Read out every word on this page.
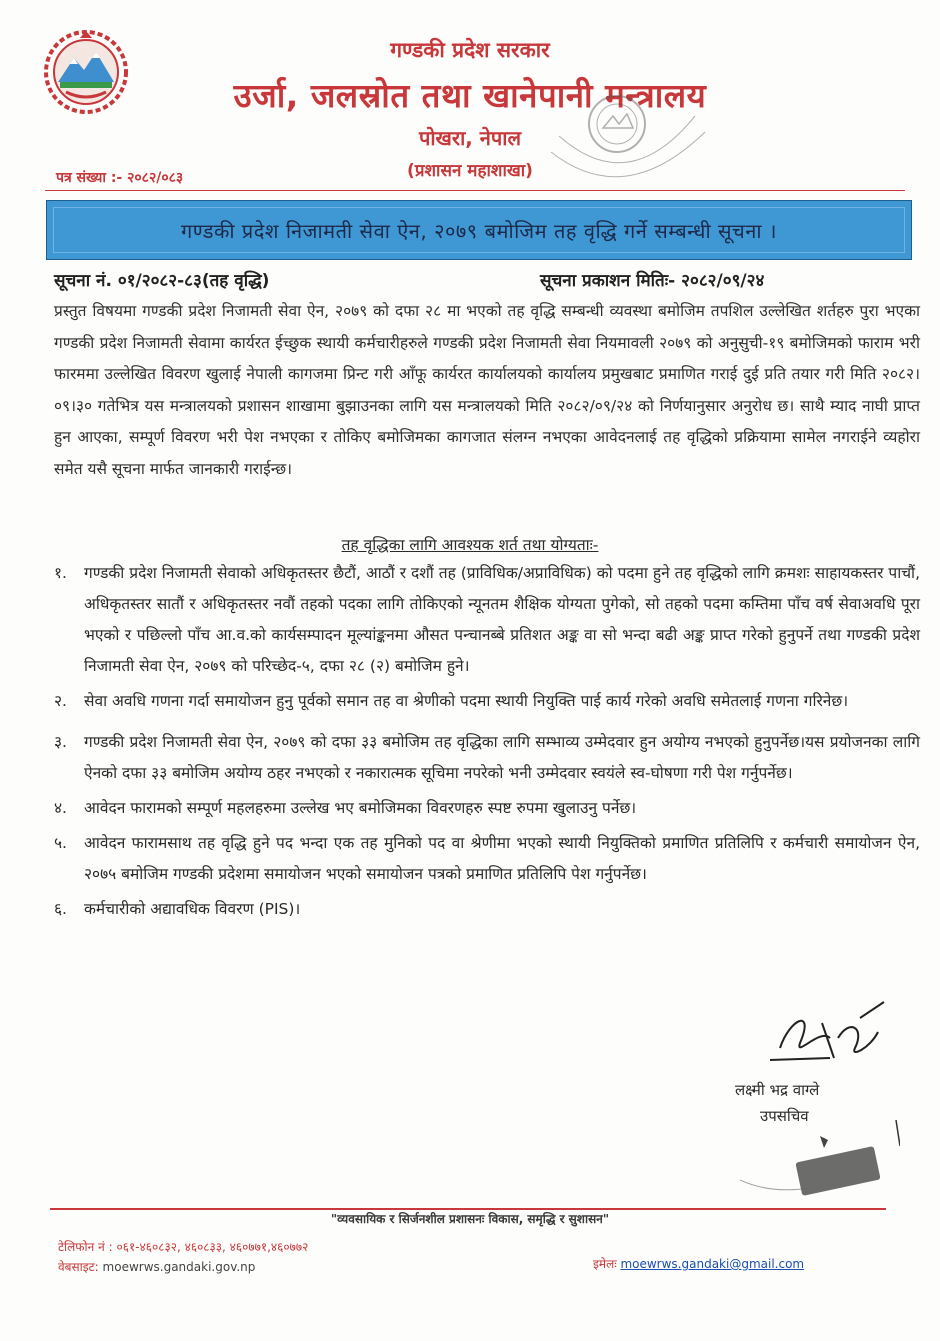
गण्डकी प्रदेश सरकार
उर्जा, जलस्रोत तथा खानेपानी मन्त्रालय
पोखरा, नेपाल
(प्रशासन महाशाखा)
पत्र संख्या :- २०८२/०८३
गण्डकी प्रदेश निजामती सेवा ऐन, २०७९ बमोजिम तह वृद्धि गर्ने सम्बन्धी सूचना ।
सूचना नं. ०१/२०८२-८३(तह वृद्धि)	सूचना प्रकाशन मितिः- २०८२/०९/२४
प्रस्तुत विषयमा गण्डकी प्रदेश निजामती सेवा ऐन, २०७९ को दफा २८ मा भएको तह वृद्धि सम्बन्धी व्यवस्था बमोजिम तपशिल उल्लेखित शर्तहरु पुरा भएका गण्डकी प्रदेश निजामती सेवामा कार्यरत ईच्छुक स्थायी कर्मचारीहरुले गण्डकी प्रदेश निजामती सेवा नियमावली २०७९ को अनुसुची-१९ बमोजिमको फाराम भरी फारममा उल्लेखित विवरण खुलाई नेपाली कागजमा प्रिन्ट गरी आँफू कार्यरत कार्यालयको कार्यालय प्रमुखबाट प्रमाणित गराई दुई प्रति तयार गरी मिति २०८२।०९।३० गतेभित्र यस मन्त्रालयको प्रशासन शाखामा बुझाउनका लागि यस मन्त्रालयको मिति २०८२/०९/२४ को निर्णयानुसार अनुरोध छ। साथै म्याद नाघी प्राप्त हुन आएका, सम्पूर्ण विवरण भरी पेश नभएका र तोकिए बमोजिमका कागजात संलग्न नभएका आवेदनलाई तह वृद्धिको प्रक्रियामा सामेल नगराईने व्यहोरा समेत यसै सूचना मार्फत जानकारी गराईन्छ।
तह वृद्धिका लागि आवश्यक शर्त तथा योग्यताः-
१. गण्डकी प्रदेश निजामती सेवाको अधिकृतस्तर छैटौं, आठौं र दशौं तह (प्राविधिक/अप्राविधिक) को पदमा हुने तह वृद्धिको लागि क्रमशः साहायकस्तर पाचौं, अधिकृतस्तर सातौं र अधिकृतस्तर नवौं तहको पदका लागि तोकिएको न्यूनतम शैक्षिक योग्यता पुगेको, सो तहको पदमा कम्तिमा पाँच वर्ष सेवाअवधि पूरा भएको र पछिल्लो पाँच आ.व.को कार्यसम्पादन मूल्यांङ्कनमा औसत पन्चानब्बे प्रतिशत अङ्क वा सो भन्दा बढी अङ्क प्राप्त गरेको हुनुपर्ने तथा गण्डकी प्रदेश निजामती सेवा ऐन, २०७९ को परिच्छेद-५, दफा २८ (२) बमोजिम हुने।
२. सेवा अवधि गणना गर्दा समायोजन हुनु पूर्वको समान तह वा श्रेणीको पदमा स्थायी नियुक्ति पाई कार्य गरेको अवधि समेतलाई गणना गरिनेछ।
३. गण्डकी प्रदेश निजामती सेवा ऐन, २०७९ को दफा ३३ बमोजिम तह वृद्धिका लागि सम्भाव्य उम्मेदवार हुन अयोग्य नभएको हुनुपर्नेछ।यस प्रयोजनका लागि ऐनको दफा ३३ बमोजिम अयोग्य ठहर नभएको र नकारात्मक सूचिमा नपरेको भनी उम्मेदवार स्वयंले स्व-घोषणा गरी पेश गर्नुपर्नेछ।
४. आवेदन फारामको सम्पूर्ण महलहरुमा उल्लेख भए बमोजिमका विवरणहरु स्पष्ट रुपमा खुलाउनु पर्नेछ।
५. आवेदन फारामसाथ तह वृद्धि हुने पद भन्दा एक तह मुनिको पद वा श्रेणीमा भएको स्थायी नियुक्तिको प्रमाणित प्रतिलिपि र कर्मचारी समायोजन ऐन, २०७५ बमोजिम गण्डकी प्रदेशमा समायोजन भएको समायोजन पत्रको प्रमाणित प्रतिलिपि पेश गर्नुपर्नेछ।
६. कर्मचारीको अद्यावधिक विवरण (PIS)।
लक्ष्मी भद्र वाग्ले
उपसचिव
"व्यवसायिक र सिर्जनशील प्रशासनः विकास, समृद्धि र सुशासन"
टेलिफोन नं : ०६१-४६०८३२, ४६०८३३, ४६०७७१,४६०७७२
वेबसाइट: moewrws.gandaki.gov.np	इमेलः moewrws.gandaki@gmail.com
